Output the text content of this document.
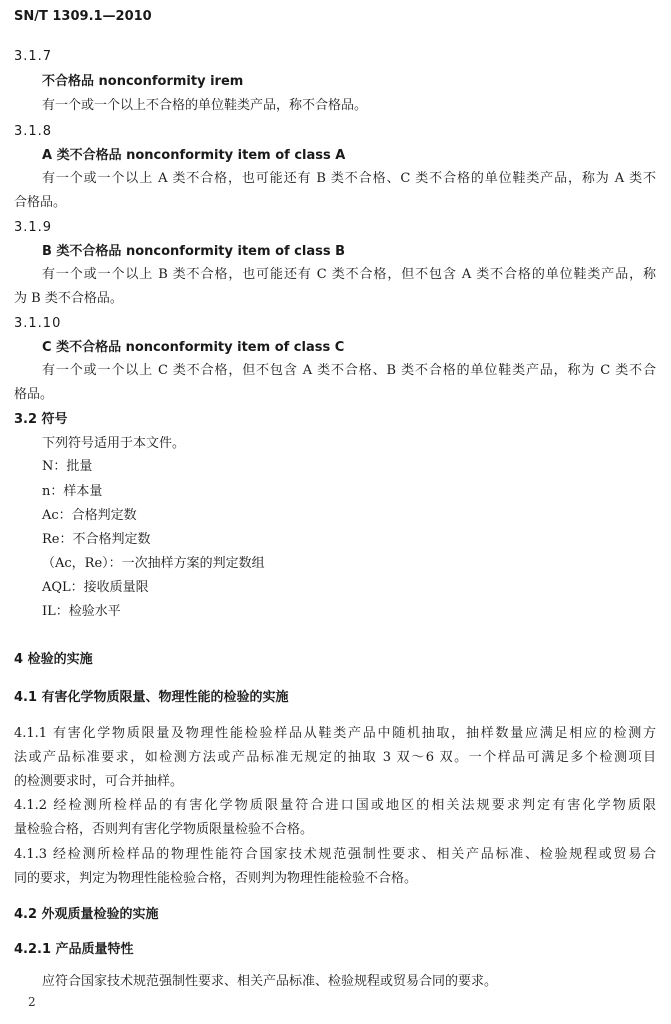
SN/T 1309.1—2010
3.1.7
不合格品 nonconformity irem
有一个或一个以上不合格的单位鞋类产品，称不合格品。
3.1.8
A 类不合格品 nonconformity item of class A
有一个或一个以上 A 类不合格，也可能还有 B 类不合格、C 类不合格的单位鞋类产品，称为 A 类不
合格品。
3.1.9
B 类不合格品 nonconformity item of class B
有一个或一个以上 B 类不合格，也可能还有 C 类不合格，但不包含 A 类不合格的单位鞋类产品，称
为 B 类不合格品。
3.1.10
C 类不合格品 nonconformity item of class C
有一个或一个以上 C 类不合格，但不包含 A 类不合格、B 类不合格的单位鞋类产品，称为 C 类不合
格品。
3.2 符号
下列符号适用于本文件。
N：批量
n：样本量
Ac：合格判定数
Re：不合格判定数
（Ac，Re）：一次抽样方案的判定数组
AQL：接收质量限
IL：检验水平
4 检验的实施
4.1 有害化学物质限量、物理性能的检验的实施
4.1.1 有害化学物质限量及物理性能检验样品从鞋类产品中随机抽取，抽样数量应满足相应的检测方
法或产品标准要求，如检测方法或产品标准无规定的抽取 3 双～6 双。一个样品可满足多个检测项目
的检测要求时，可合并抽样。
4.1.2 经检测所检样品的有害化学物质限量符合进口国或地区的相关法规要求判定有害化学物质限
量检验合格，否则判有害化学物质限量检验不合格。
4.1.3 经检测所检样品的物理性能符合国家技术规范强制性要求、相关产品标准、检验规程或贸易合
同的要求，判定为物理性能检验合格，否则判为物理性能检验不合格。
4.2 外观质量检验的实施
4.2.1 产品质量特性
应符合国家技术规范强制性要求、相关产品标准、检验规程或贸易合同的要求。
2
